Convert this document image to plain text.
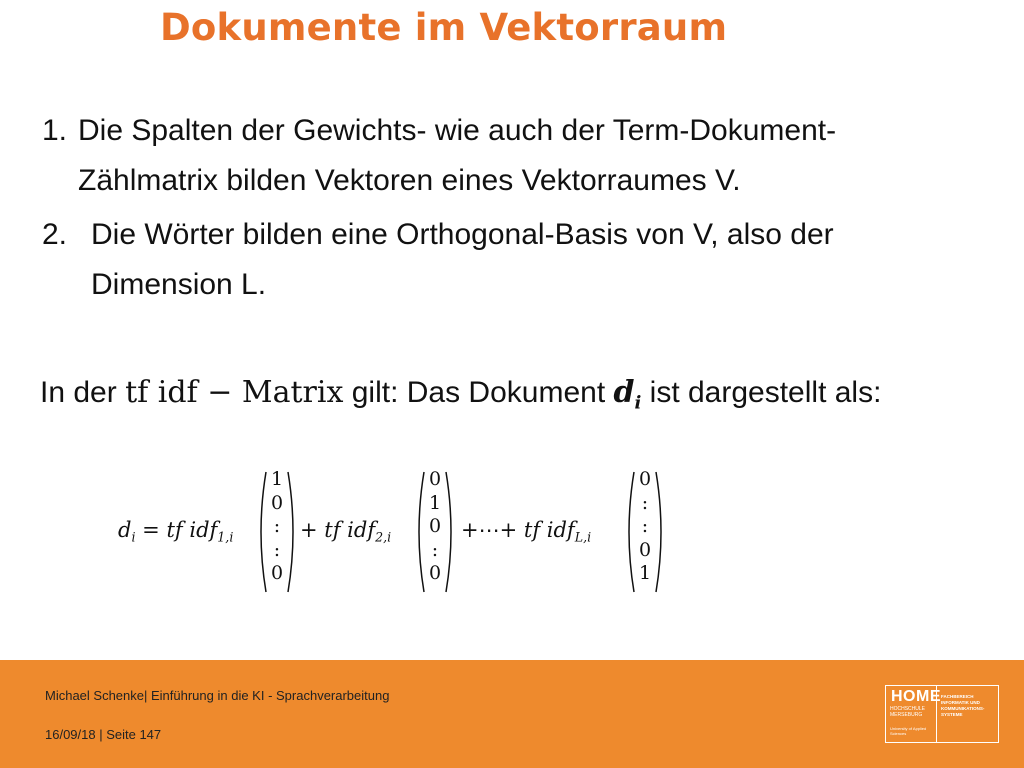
Dokumente im Vektorraum
1. Die Spalten der Gewichts- wie auch der Term-Dokument-
Zählmatrix bilden Vektoren eines Vektorraumes V.
2. Die Wörter bilden eine Orthogonal-Basis von V, also der
Dimension L.
In der tf idf − Matrix gilt: Das Dokument $d_i$ ist dargestellt als:
$d_i$ = tf idf$_{1,i}$
1
0
:
:
0
+ tf idf$_{2,i}$
0
1
0
:
0
+⋯+ tf idf$_{L,i}$
0
:
:
0
1
Michael Schenke| Einführung in die KI - Sprachverarbeitung
16/09/18 | Seite 147
HOME
HOCHSCHULE MERSEBURG
University of Applied Sciences
FACHBEREICH INFORMATIK UND KOMMUNIKATIONS-SYSTEME
